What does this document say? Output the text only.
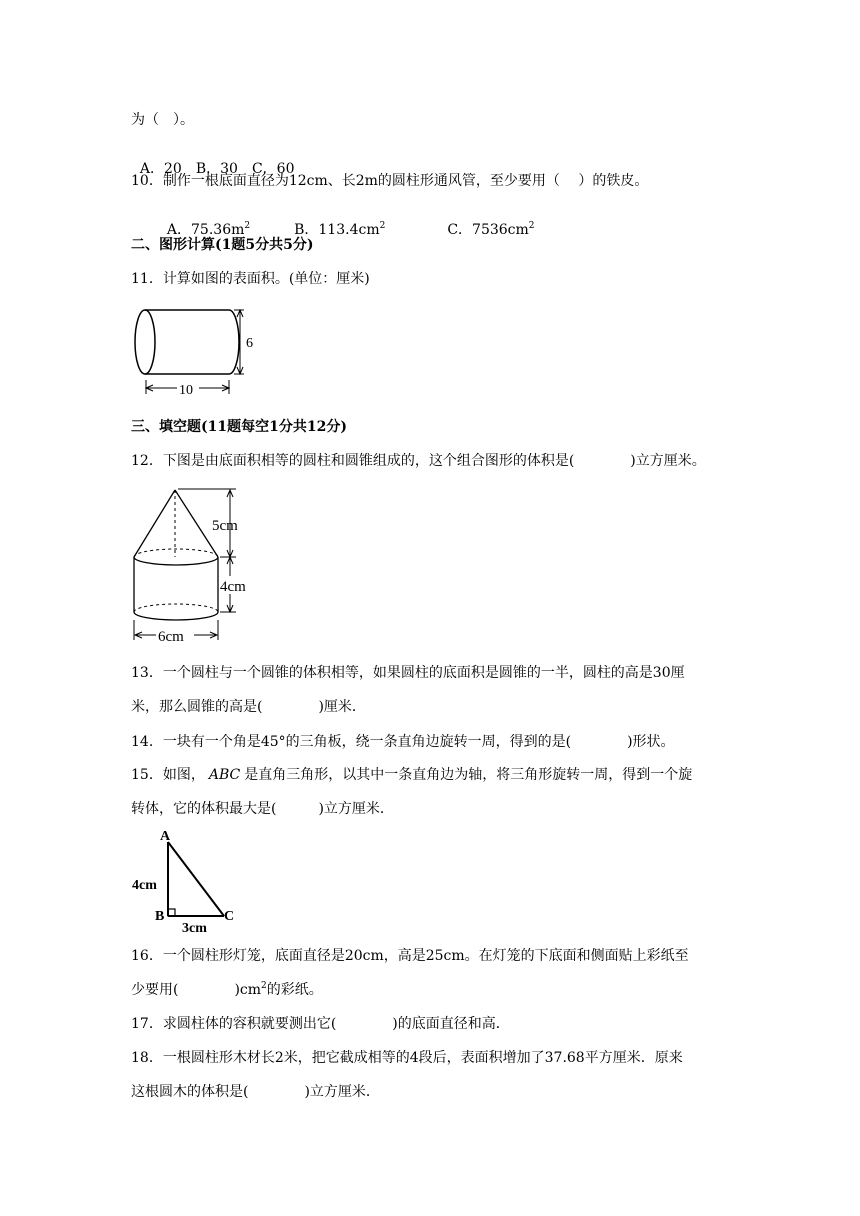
为（　）。

A．20 B．30 C．60

10．制作一根底面直径为12cm、长2m的圆柱形通风管，至少要用（　 ）的铁皮。

A．$75.36m^2$	B．$113.4cm^2$	C．$7536cm^2$

二、图形计算(1题5分共5分)
11．计算如图的表面积。(单位：厘米)
6
10
三、填空题(11题每空1分共12分)
12．下图是由底面积相等的圆柱和圆锥组成的，这个组合图形的体积是(　　　　)立方厘米。
5cm
4cm
6cm
13．一个圆柱与一个圆锥的体积相等，如果圆柱的底面积是圆锥的一半，圆柱的高是30厘
米，那么圆锥的高是(　　　　)厘米．
14．一块有一个角是45°的三角板，绕一条直角边旋转一周，得到的是(　　　　)形状。
15．如图， ABC 是直角三角形，以其中一条直角边为轴，将三角形旋转一周，得到一个旋
转体，它的体积最大是(　　　)立方厘米．
A
B	C
4cm
3cm
16．一个圆柱形灯笼，底面直径是20cm，高是25cm。在灯笼的下底面和侧面贴上彩纸至
少要用(　　　　)$cm^2$的彩纸。
17．求圆柱体的容积就要测出它(　　　　)的底面直径和高．
18．一根圆柱形木材长2米，把它截成相等的4段后，表面积增加了37.68平方厘米．原来
这根圆木的体积是(　　　　)立方厘米．
